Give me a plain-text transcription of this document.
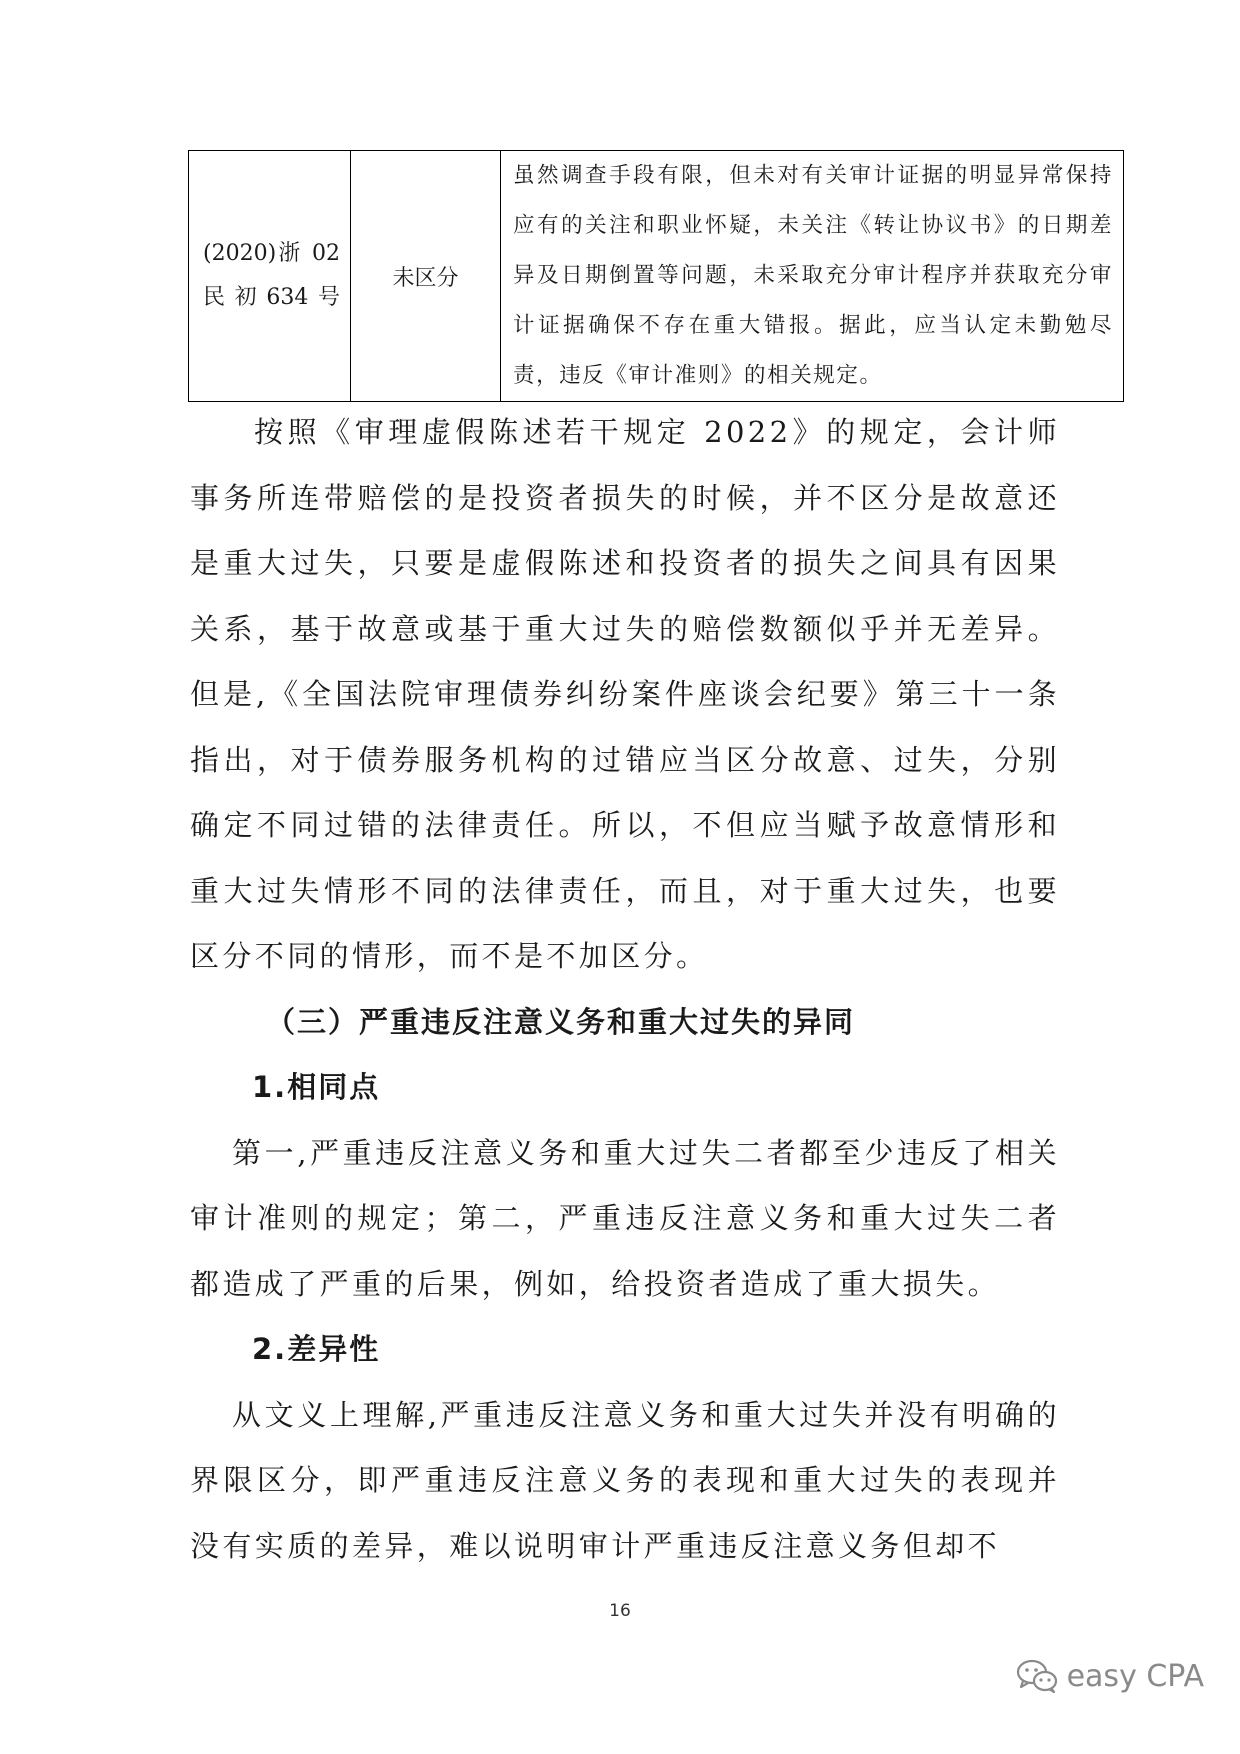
(2020)浙 02 民初634号	未区分	虽然调查手段有限，但未对有关审计证据的明显异常保持应有的关注和职业怀疑，未关注《转让协议书》的日期差异及日期倒置等问题，未采取充分审计程序并获取充分审计证据确保不存在重大错报。据此，应当认定未勤勉尽责，违反《审计准则》的相关规定。

按照《审理虚假陈述若干规定 2022》的规定，会计师事务所连带赔偿的是投资者损失的时候，并不区分是故意还是重大过失，只要是虚假陈述和投资者的损失之间具有因果关系，基于故意或基于重大过失的赔偿数额似乎并无差异。但是,《全国法院审理债券纠纷案件座谈会纪要》第三十一条指出，对于债券服务机构的过错应当区分故意、过失，分别确定不同过错的法律责任。所以，不但应当赋予故意情形和重大过失情形不同的法律责任，而且，对于重大过失，也要区分不同的情形，而不是不加区分。

（三）严重违反注意义务和重大过失的异同
1.相同点

第一,严重违反注意义务和重大过失二者都至少违反了相关审计准则的规定；第二，严重违反注意义务和重大过失二者都造成了严重的后果，例如，给投资者造成了重大损失。

2.差异性

从文义上理解,严重违反注意义务和重大过失并没有明确的界限区分，即严重违反注意义务的表现和重大过失的表现并没有实质的差异，难以说明审计严重违反注意义务但却不

16
easy CPA
